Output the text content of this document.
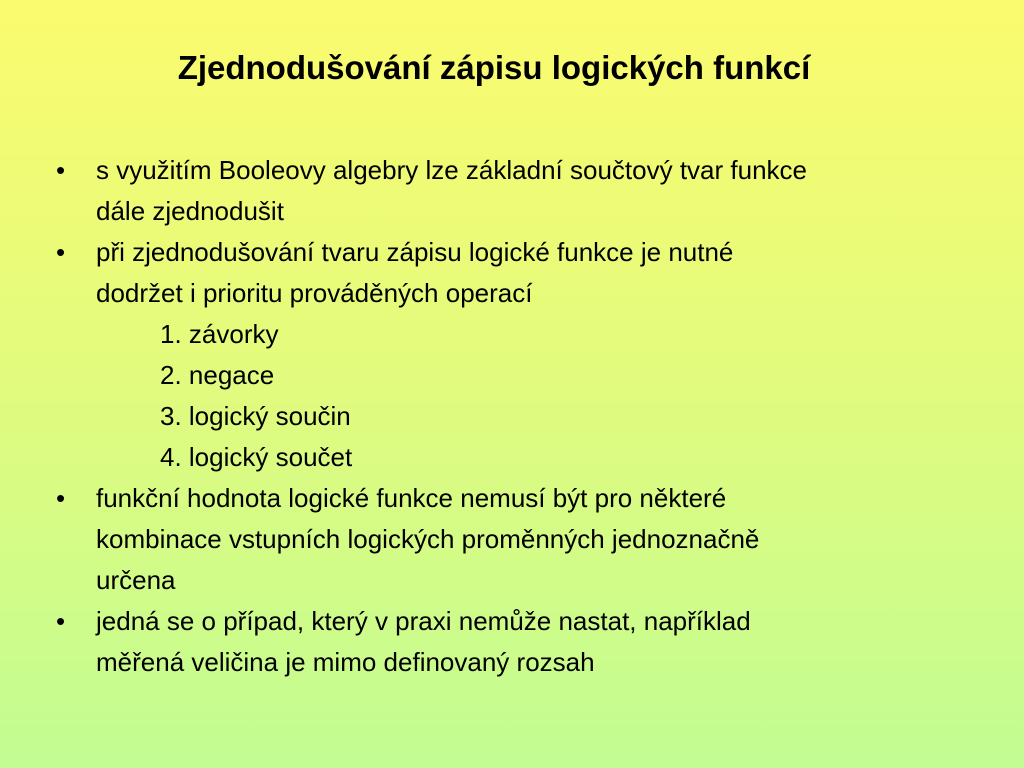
Zjednodušování zápisu logických funkcí
•	s využitím Booleovy algebry lze základní součtový tvar funkce
dále zjednodušit
•	při zjednodušování tvaru zápisu logické funkce je nutné
dodržet i prioritu prováděných operací
1. závorky
2. negace
3. logický součin
4. logický součet
•	funkční hodnota logické funkce nemusí být pro některé
kombinace vstupních logických proměnných jednoznačně
určena
•	jedná se o případ, který v praxi nemůže nastat, například
měřená veličina je mimo definovaný rozsah
